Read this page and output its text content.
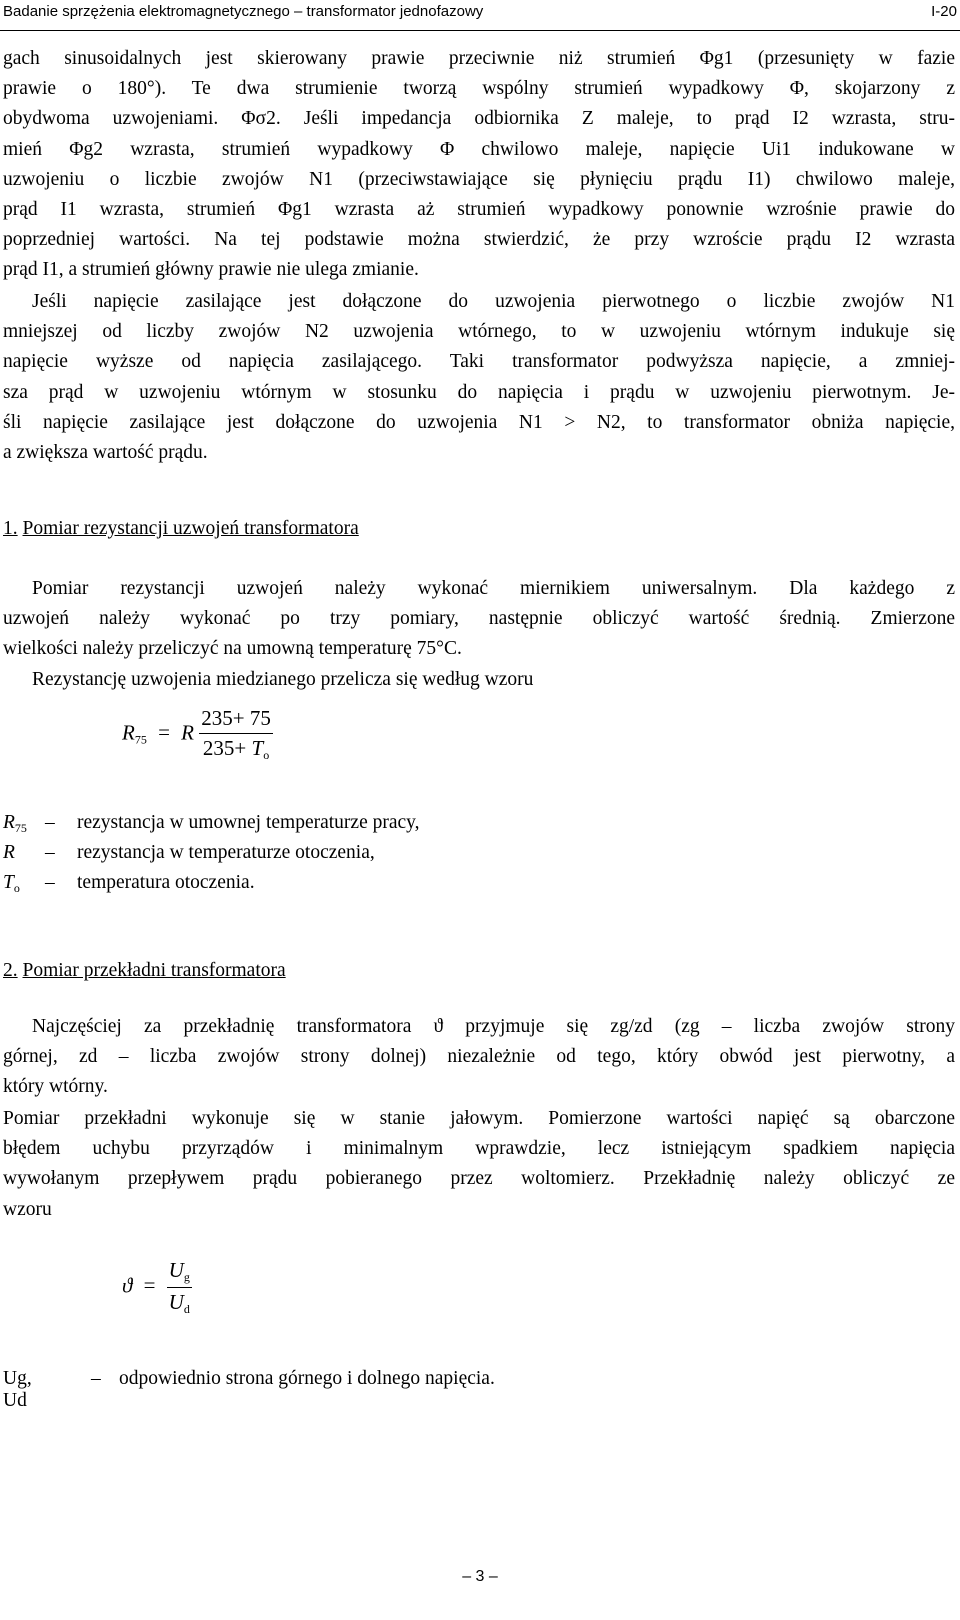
Badanie sprzężenia elektromagnetycznego – transformator jednofazowy	I-20
gach sinusoidalnych jest skierowany prawie przeciwnie niż strumień Φg1 (przesunięty w fazie
prawie o 180°). Te dwa strumienie tworzą wspólny strumień wypadkowy Φ, skojarzony z
obydwoma uzwojeniami. Φσ2. Jeśli impedancja odbiornika Z maleje, to prąd I2 wzrasta, stru-
mień Φg2 wzrasta, strumień wypadkowy Φ chwilowo maleje, napięcie Ui1 indukowane w
uzwojeniu o liczbie zwojów N1 (przeciwstawiające się płynięciu prądu I1) chwilowo maleje,
prąd I1 wzrasta, strumień Φg1 wzrasta aż strumień wypadkowy ponownie wzrośnie prawie do
poprzedniej wartości. Na tej podstawie można stwierdzić, że przy wzroście prądu I2 wzrasta
prąd I1, a strumień główny prawie nie ulega zmianie.
Jeśli napięcie zasilające jest dołączone do uzwojenia pierwotnego o liczbie zwojów N1
mniejszej od liczby zwojów N2 uzwojenia wtórnego, to w uzwojeniu wtórnym indukuje się
napięcie wyższe od napięcia zasilającego. Taki transformator podwyższa napięcie, a zmniej-
sza prąd w uzwojeniu wtórnym w stosunku do napięcia i prądu w uzwojeniu pierwotnym. Je-
śli napięcie zasilające jest dołączone do uzwojenia N1 > N2, to transformator obniża napięcie,
a zwiększa wartość prądu.
1. Pomiar rezystancji uzwojeń transformatora
Pomiar rezystancji uzwojeń należy wykonać miernikiem uniwersalnym. Dla każdego z
uzwojeń należy wykonać po trzy pomiary, następnie obliczyć wartość średnią. Zmierzone
wielkości należy przeliczyć na umowną temperaturę 75°C.
Rezystancję uzwojenia miedzianego przelicza się według wzoru
$R_{75} = R \frac{235+ 75}{235+ T_o}$
$R_{75}$ – rezystancja w umownej temperaturze pracy,
R – rezystancja w temperaturze otoczenia,
$T_o$ – temperatura otoczenia.
2. Pomiar przekładni transformatora
Najczęściej za przekładnię transformatora ϑ przyjmuje się zg/zd (zg – liczba zwojów strony
górnej, zd – liczba zwojów strony dolnej) niezależnie od tego, który obwód jest pierwotny, a
który wtórny.
Pomiar przekładni wykonuje się w stanie jałowym. Pomierzone wartości napięć są obarczone
błędem uchybu przyrządów i minimalnym wprawdzie, lecz istniejącym spadkiem napięcia
wywołanym przepływem prądu pobieranego przez woltomierz. Przekładnię należy obliczyć ze
wzoru
$ϑ = \frac{U_g}{U_d}$
Ug, Ud
– odpowiednio strona górnego i dolnego napięcia.
– 3 –
